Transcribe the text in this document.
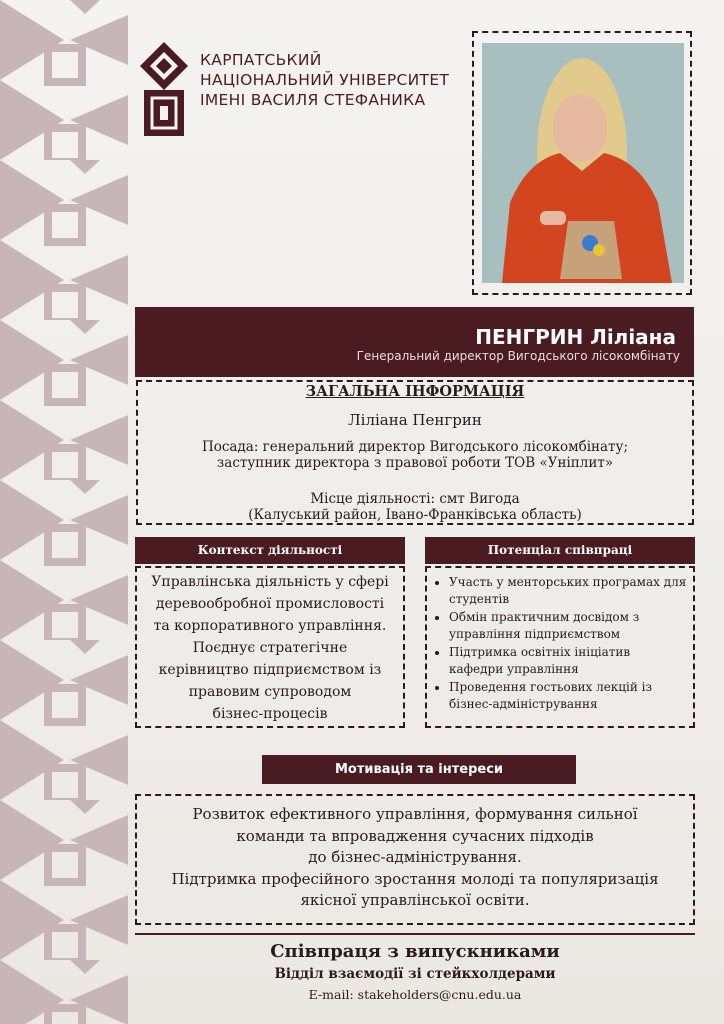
КАРПАТСЬКИЙ
НАЦІОНАЛЬНИЙ УНІВЕРСИТЕТ
ІМЕНІ ВАСИЛЯ СТЕФАНИКА
ПЕНГРИН Ліліана
Генеральний директор Вигодського лісокомбінату
ЗАГАЛЬНА ІНФОРМАЦІЯ
Ліліана Пенгрин
Посада: генеральний директор Вигодського лісокомбінату;
заступник директора з правової роботи ТОВ «Уніплит»
Місце діяльності: смт Вигода
(Калуський район, Івано-Франківська область)
Контекст діяльності
Управлінська діяльність у сфері
деревообробної промисловості
та корпоративного управління.
Поєднує стратегічне
керівництво підприємством із
правовим супроводом
бізнес-процесів
Потенціал співпраці
• Участь у менторських програмах для студентів
• Обмін практичним досвідом з управління підприємством
• Підтримка освітніх ініціатив кафедри управління
• Проведення гостьових лекцій із бізнес-адміністрування
Мотивація та інтереси
Розвиток ефективного управління, формування сильної
команди та впровадження сучасних підходів
до бізнес-адміністрування.
Підтримка професійного зростання молоді та популяризація
якісної управлінської освіти.
Співпраця з випускниками
Відділ взаємодії зі стейкхолдерами
E-mail: stakeholders@cnu.edu.ua
